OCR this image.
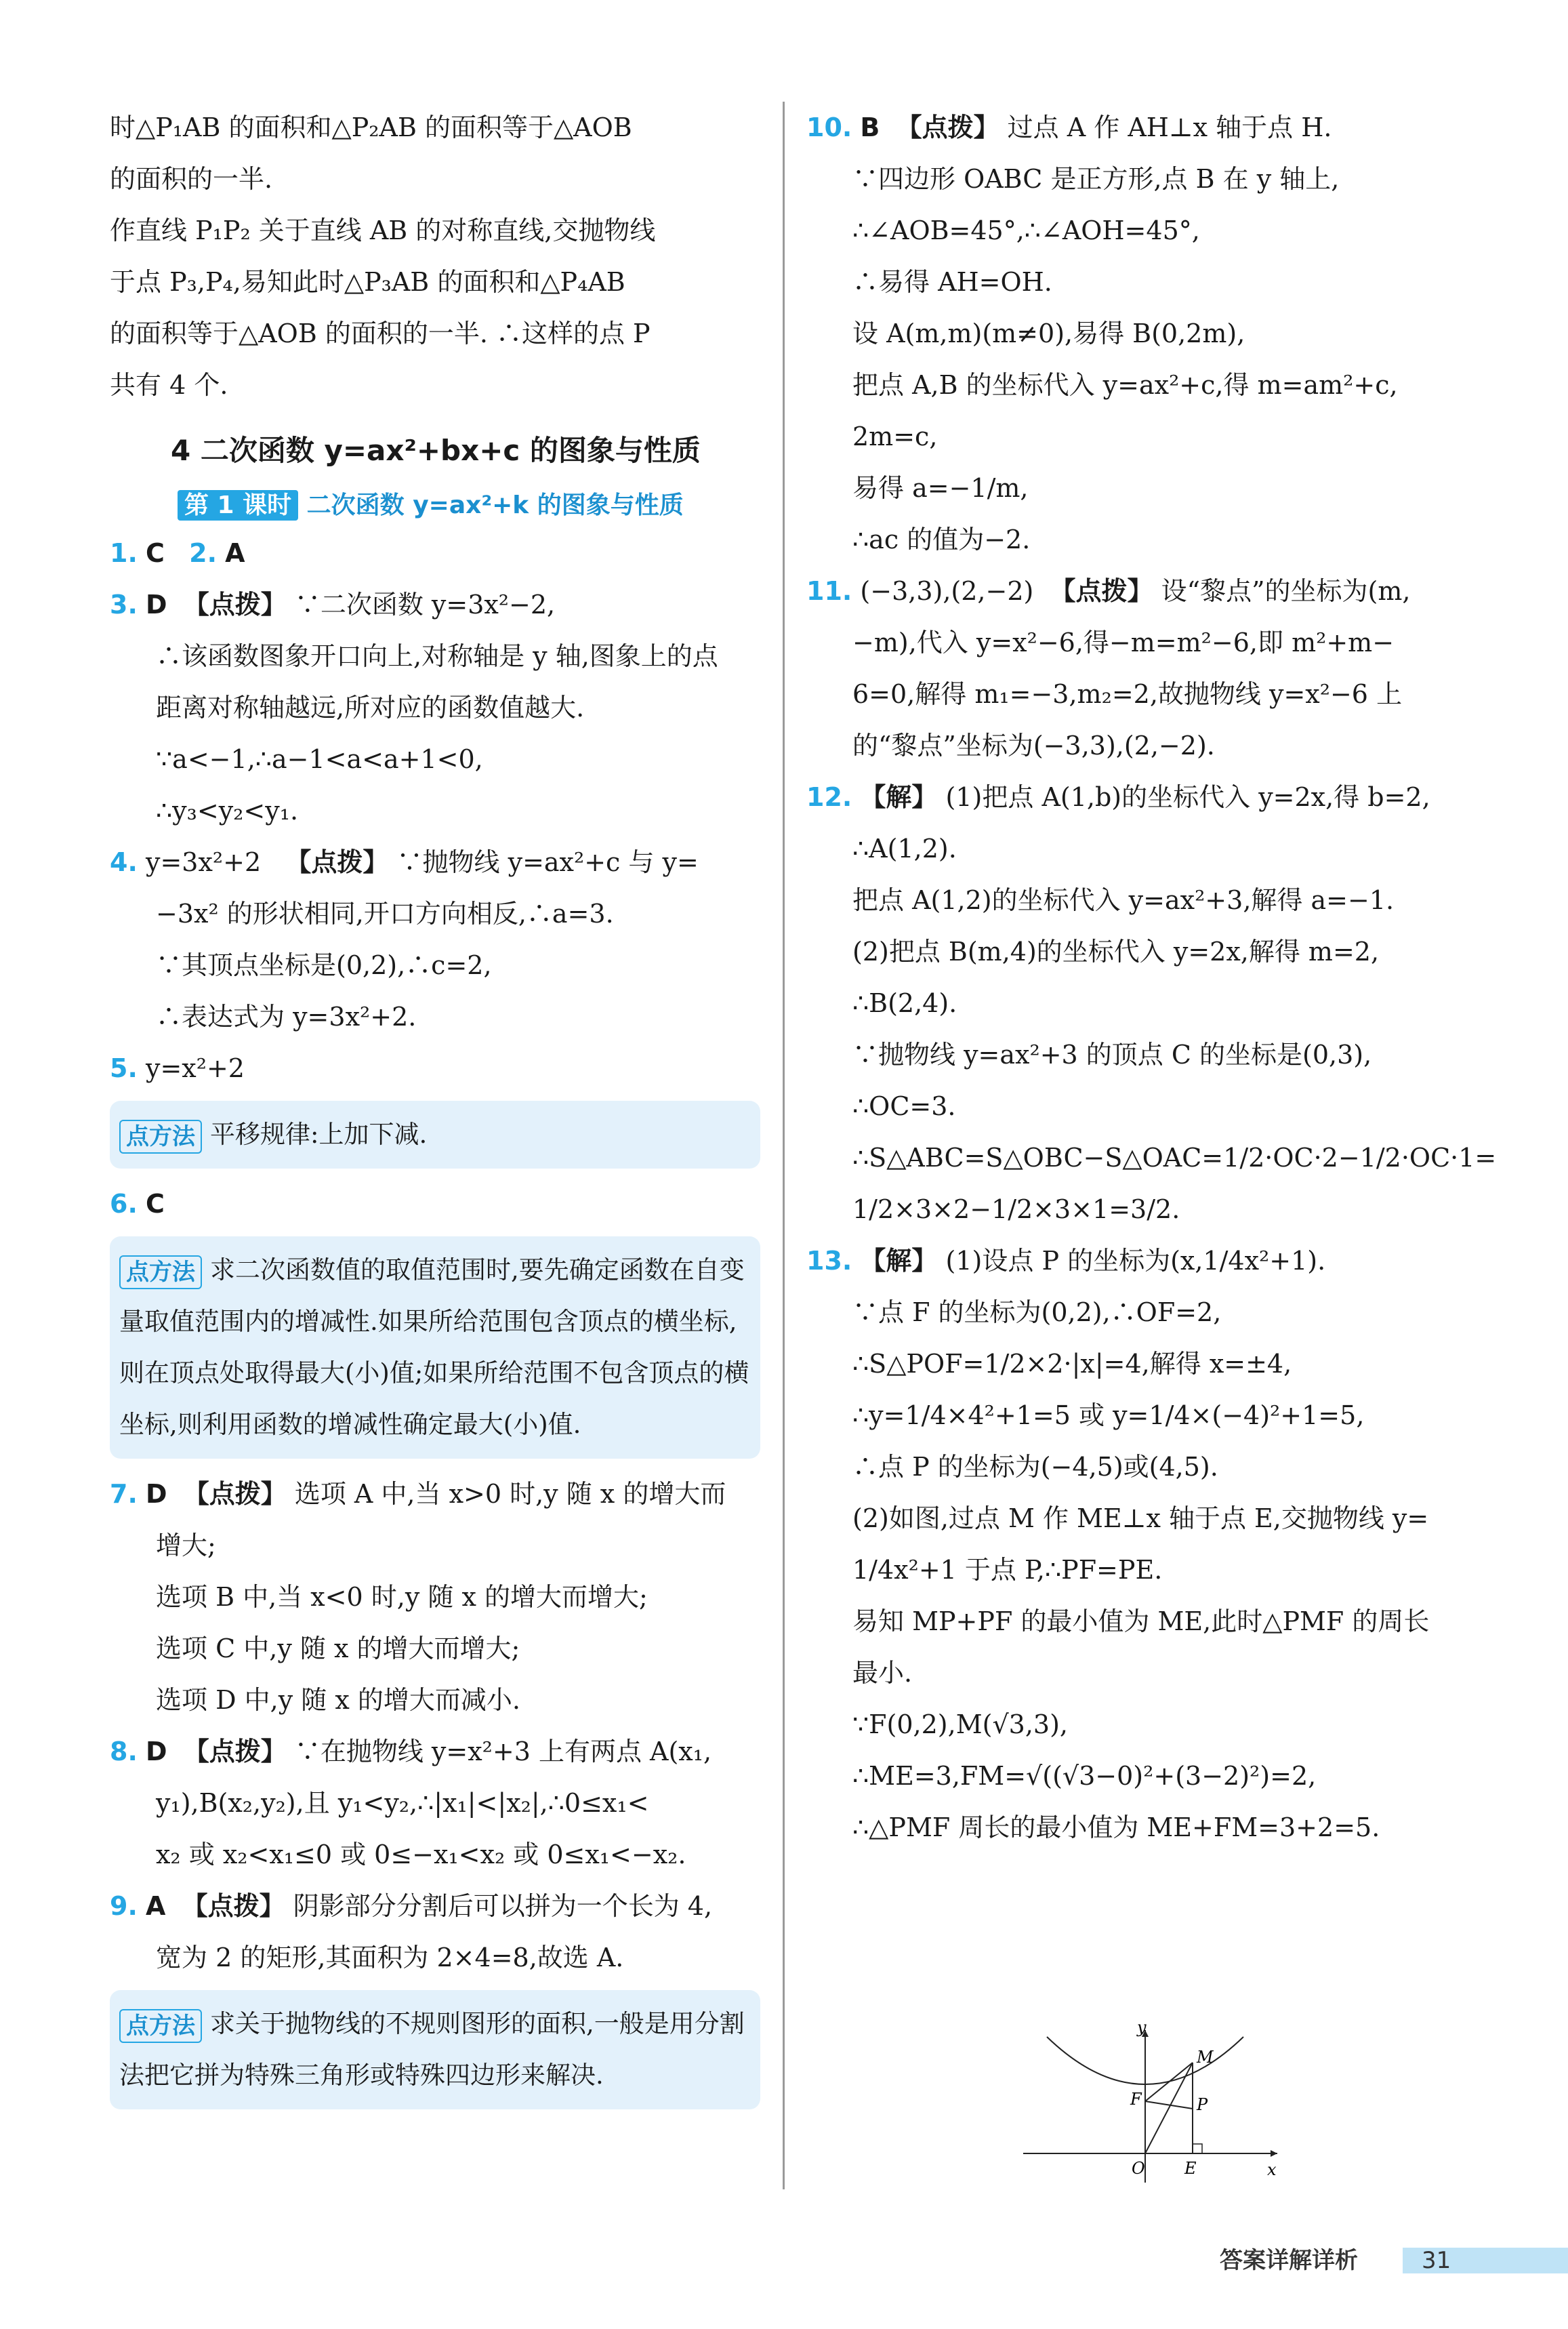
时△P₁AB 的面积和△P₂AB 的面积等于△AOB
的面积的一半.
作直线 P₁P₂ 关于直线 AB 的对称直线,交抛物线
于点 P₃,P₄,易知此时△P₃AB 的面积和△P₄AB
的面积等于△AOB 的面积的一半. ∴这样的点 P
共有 4 个.
4 二次函数 y=ax²+bx+c 的图象与性质
第 1 课时 二次函数 y=ax²+k 的图象与性质
1. C 2. A
3. D 【点拨】 ∵二次函数 y=3x²−2,
∴该函数图象开口向上,对称轴是 y 轴,图象上的点
距离对称轴越远,所对应的函数值越大.
∵a<−1,∴a−1<a<a+1<0,
∴y₃<y₂<y₁.
4. y=3x²+2 【点拨】 ∵抛物线 y=ax²+c 与 y=
−3x² 的形状相同,开口方向相反,∴a=3.
∵其顶点坐标是(0,2),∴c=2,
∴表达式为 y=3x²+2.
5. y=x²+2
点方法 平移规律:上加下减.
6. C
点方法 求二次函数值的取值范围时,要先确定函数在自变量取值范围内的增减性.如果所给范围包含顶点的横坐标,则在顶点处取得最大(小)值;如果所给范围不包含顶点的横坐标,则利用函数的增减性确定最大(小)值.
7. D 【点拨】 选项 A 中,当 x>0 时,y 随 x 的增大而
增大;
选项 B 中,当 x<0 时,y 随 x 的增大而增大;
选项 C 中,y 随 x 的增大而增大;
选项 D 中,y 随 x 的增大而减小.
8. D 【点拨】 ∵在抛物线 y=x²+3 上有两点 A(x₁,
y₁),B(x₂,y₂),且 y₁<y₂,∴|x₁|<|x₂|,∴0≤x₁<
x₂ 或 x₂<x₁≤0 或 0≤−x₁<x₂ 或 0≤x₁<−x₂.
9. A 【点拨】 阴影部分分割后可以拼为一个长为 4,
宽为 2 的矩形,其面积为 2×4=8,故选 A.
点方法 求关于抛物线的不规则图形的面积,一般是用分割法把它拼为特殊三角形或特殊四边形来解决.
10. B 【点拨】 过点 A 作 AH⊥x 轴于点 H.
∵四边形 OABC 是正方形,点 B 在 y 轴上,
∴∠AOB=45°,∴∠AOH=45°,
∴易得 AH=OH.
设 A(m,m)(m≠0),易得 B(0,2m),
把点 A,B 的坐标代入 y=ax²+c,得 m=am²+c,
2m=c,
易得 a=−1/m,
∴ac 的值为−2.
11. (−3,3),(2,−2) 【点拨】 设“黎点”的坐标为(m,
−m),代入 y=x²−6,得−m=m²−6,即 m²+m−
6=0,解得 m₁=−3,m₂=2,故抛物线 y=x²−6 上
的“黎点”坐标为(−3,3),(2,−2).
12. 【解】 (1)把点 A(1,b)的坐标代入 y=2x,得 b=2,
∴A(1,2).
把点 A(1,2)的坐标代入 y=ax²+3,解得 a=−1.
(2)把点 B(m,4)的坐标代入 y=2x,解得 m=2,
∴B(2,4).
∵抛物线 y=ax²+3 的顶点 C 的坐标是(0,3),
∴OC=3.
∴S△ABC=S△OBC−S△OAC=1/2·OC·2−1/2·OC·1=
1/2×3×2−1/2×3×1=3/2.
13. 【解】 (1)设点 P 的坐标为(x,1/4x²+1).
∵点 F 的坐标为(0,2),∴OF=2,
∴S△POF=1/2×2·|x|=4,解得 x=±4,
∴y=1/4×4²+1=5 或 y=1/4×(−4)²+1=5,
∴点 P 的坐标为(−4,5)或(4,5).
(2)如图,过点 M 作 ME⊥x 轴于点 E,交抛物线 y=
1/4x²+1 于点 P,∴PF=PE.
易知 MP+PF 的最小值为 ME,此时△PMF 的周长
最小.
∵F(0,2),M(√3,3),
∴ME=3,FM=√((√3−0)²+(3−2)²)=2,
∴△PMF 周长的最小值为 ME+FM=3+2=5.
y
x
O E
F
M
P
答案详解详析	31
